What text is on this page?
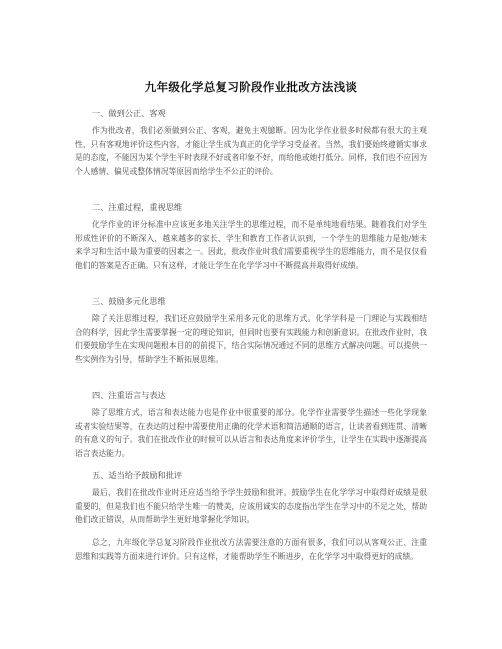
九年级化学总复习阶段作业批改方法浅谈

一、做到公正、客观

作为批改者，我们必须做到公正、客观，避免主观臆断。因为化学作业很多时候都有很大的主观性，只有客观地评价这些内容，才能让学生成为真正的化学学习受益者。当然，我们要始终遵循实事求是的态度，不能因为某个学生平时表现不好或者印象不好，而给他或她打低分。同样，我们也不应因为个人感情、偏见或整体情况等原因而给学生不公正的评价。

二、注重过程，重视思维

化学作业的评分标准中应该更多地关注学生的思维过程，而不是单纯地看结果。随着我们对学生形成性评价的不断深入，越来越多的家长、学生和教育工作者认识到，一个学生的思维能力是他/她未来学习和生活中最为重要的因素之一。因此，批改作业时我们需要重视学生的思维能力，而不是仅仅看他们的答案是否正确。只有这样，才能让学生在化学学习中不断提高并取得好成绩。

三、鼓励多元化思维

除了关注思维过程，我们还应鼓励学生采用多元化的思维方式。化学学科是一门理论与实践相结合的科学，因此学生需要掌握一定的理论知识，但同时也要有实践能力和创新意识。在批改作业时，我们要鼓励学生在实现问题根本目的的前提下，结合实际情况通过不同的思维方式解决问题。可以提供一些实例作为引导，帮助学生不断拓展思维。

四、注重语言与表达

除了思维方式，语言和表达能力也是作业中很重要的部分。化学作业需要学生描述一些化学现象或者实验结果等，在表达的过程中需要使用正确的化学术语和简洁通顺的语言，让读者看到连贯、清晰的有意义的句子。我们在批改作业的时候可以从语言和表达角度来评价学生，让学生在实践中逐渐提高语言表达能力。

五、适当给予鼓励和批评

最后，我们在批改作业时还应适当给予学生鼓励和批评。鼓励学生在化学学习中取得好成绩是很重要的，但是我们也不能只给学生唯一的赞美，应该用诚实的态度指出学生在学习中的不足之处，帮助他们改正错误，从而帮助学生更好地掌握化学知识。

总之，九年级化学总复习阶段作业批改方法需要注意的方面有很多，我们可以从客观公正、注重思维和实践等方面来进行评价。只有这样，才能帮助学生不断进步，在化学学习中取得更好的成绩。
